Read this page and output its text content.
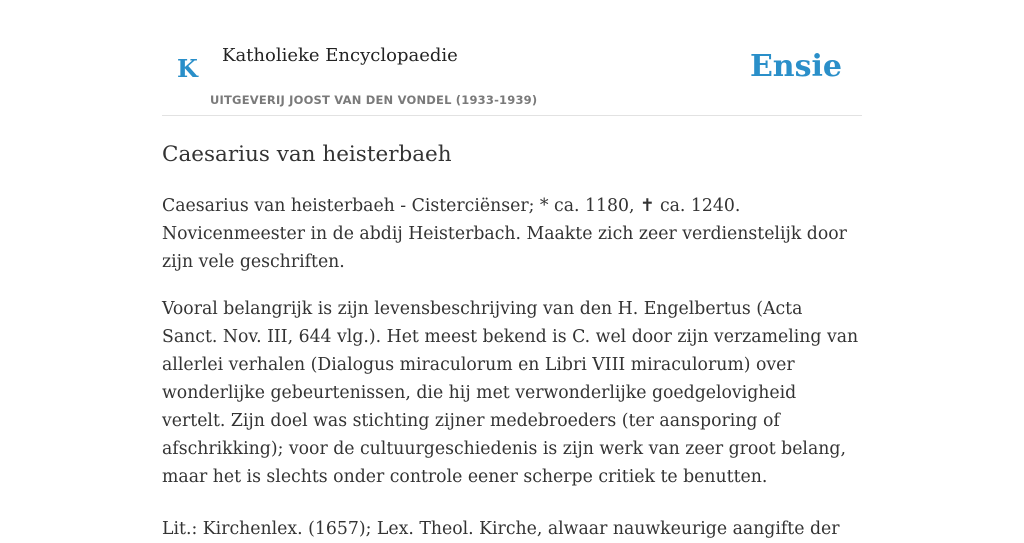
K Katholieke Encyclopaedie
UITGEVERIJ JOOST VAN DEN VONDEL (1933-1939)
Ensie
Caesarius van heisterbaeh

Caesarius van heisterbaeh - Cisterciënser; * ca. 1180, ✝ ca. 1240. Novicenmeester in de abdij Heisterbach. Maakte zich zeer verdienstelijk door zijn vele geschriften.

Vooral belangrijk is zijn levensbeschrijving van den H. Engelbertus (Acta Sanct. Nov. III, 644 vlg.). Het meest bekend is C. wel door zijn verzameling van allerlei verhalen (Dialogus miraculorum en Libri VIII miraculorum) over wonderlijke gebeurtenissen, die hij met verwonderlijke goedgelovigheid vertelt. Zijn doel was stichting zijner medebroeders (ter aansporing of afschrikking); voor de cultuurgeschiedenis is zijn werk van zeer groot belang, maar het is slechts onder controle eener scherpe critiek te benutten.

Lit.: Kirchenlex. (1657); Lex. Theol. Kirche, alwaar nauwkeurige aangifte der
